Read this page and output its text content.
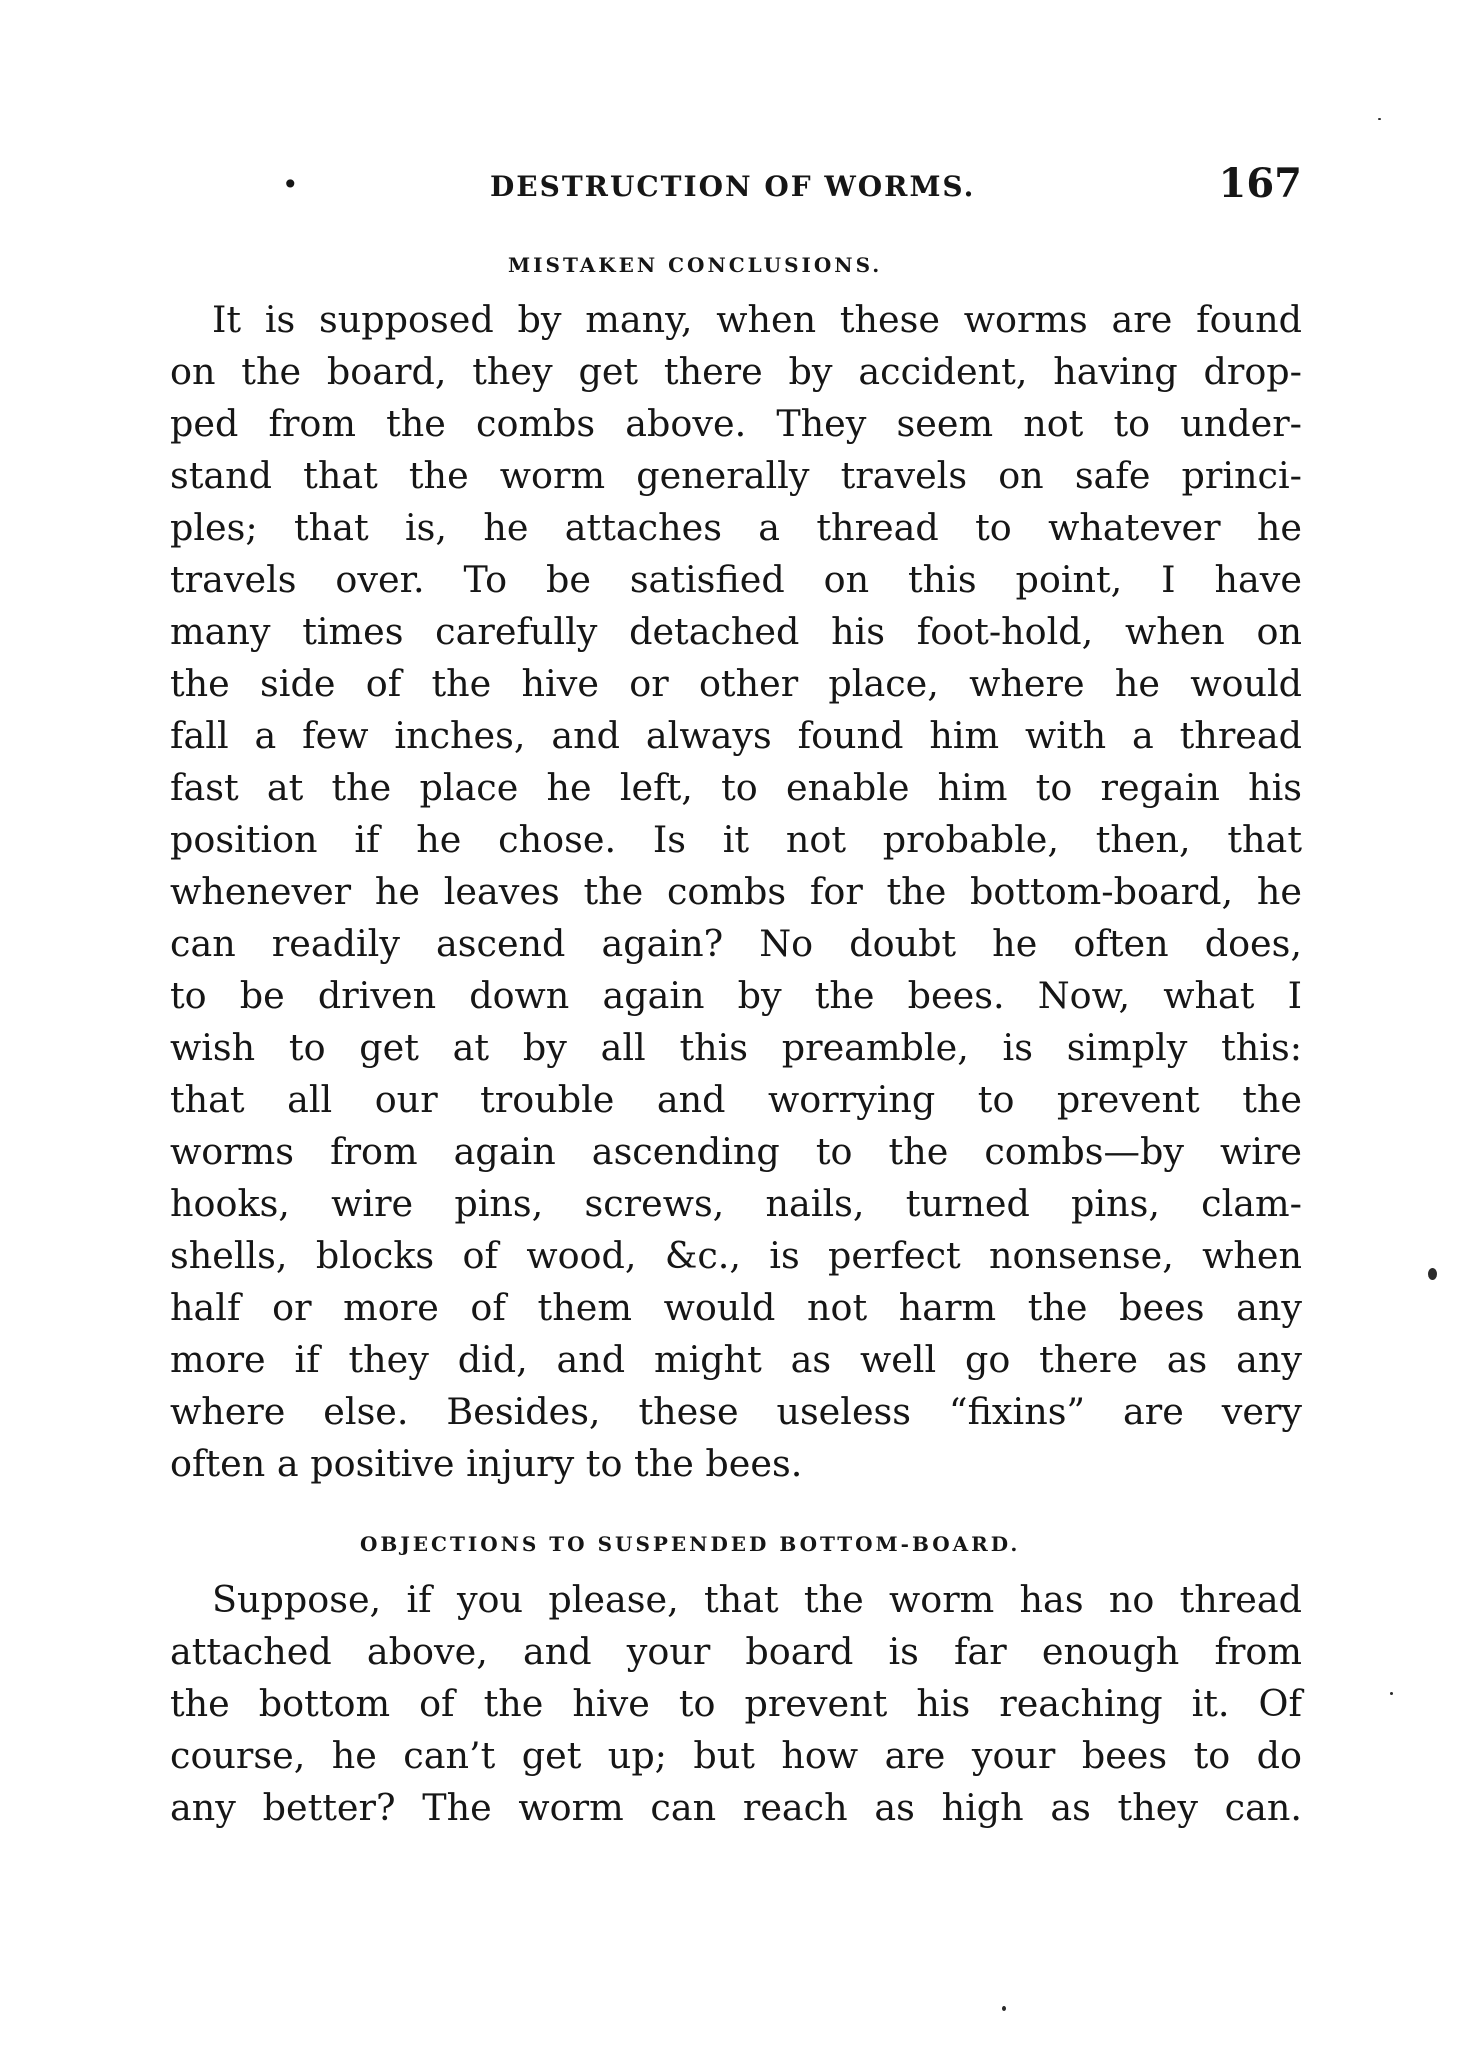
•	DESTRUCTION OF WORMS.	167
MISTAKEN CONCLUSIONS.
It is supposed by many, when these worms are found
on the board, they get there by accident, having drop-
ped from the combs above. They seem not to under-
stand that the worm generally travels on safe princi-
ples; that is, he attaches a thread to whatever he
travels over. To be satisfied on this point, I have
many times carefully detached his foot-hold, when on
the side of the hive or other place, where he would
fall a few inches, and always found him with a thread
fast at the place he left, to enable him to regain his
position if he chose. Is it not probable, then, that
whenever he leaves the combs for the bottom-board, he
can readily ascend again? No doubt he often does,
to be driven down again by the bees. Now, what I
wish to get at by all this preamble, is simply this:
that all our trouble and worrying to prevent the
worms from again ascending to the combs—by wire
hooks, wire pins, screws, nails, turned pins, clam-
shells, blocks of wood, &c., is perfect nonsense, when
half or more of them would not harm the bees any
more if they did, and might as well go there as any
where else. Besides, these useless “fixins” are very
often a positive injury to the bees.
OBJECTIONS TO SUSPENDED BOTTOM-BOARD.
Suppose, if you please, that the worm has no thread
attached above, and your board is far enough from
the bottom of the hive to prevent his reaching it. Of
course, he can’t get up; but how are your bees to do
any better? The worm can reach as high as they can.
